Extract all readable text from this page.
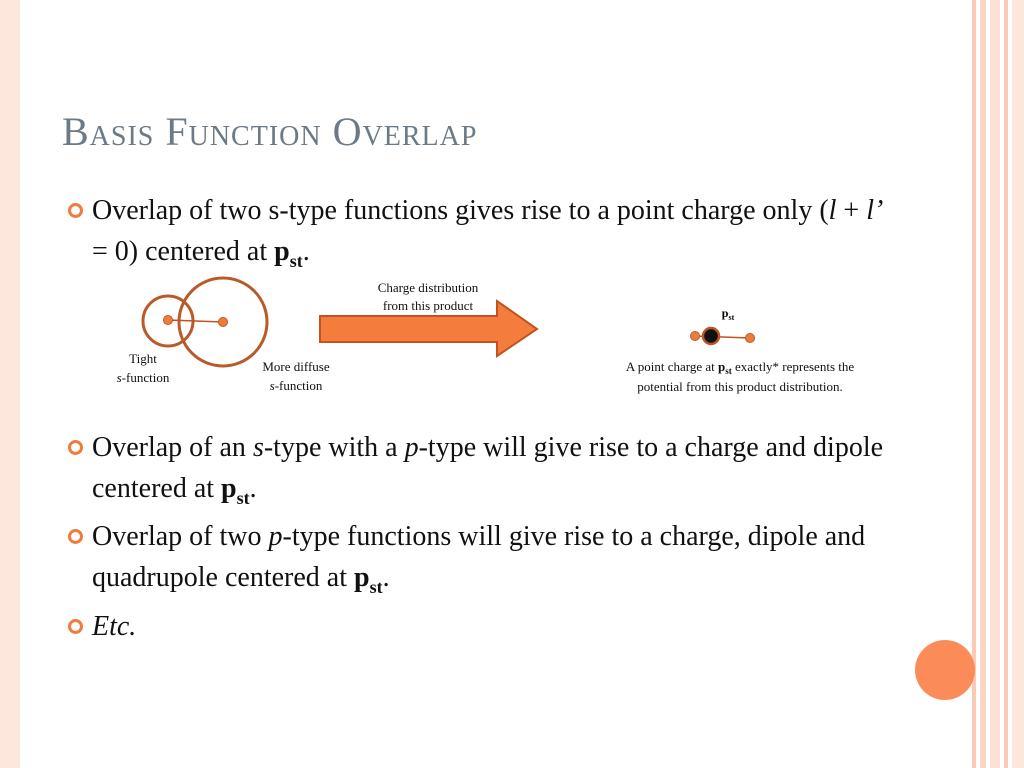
Basis Function Overlap
Overlap of two s-type functions gives rise to a point charge only (l + l’ = 0) centered at $p_{st}$.
Tight
s-function
More diffuse
s-function
Charge distribution
from this product	$p_{st}$
A point charge at $p_{st}$ exactly* represents the
potential from this product distribution.
Overlap of an s-type with a p-type will give rise to a charge and dipole centered at $p_{st}$.
Overlap of two p-type functions will give rise to a charge, dipole and quadrupole centered at $p_{st}$.
Etc.
